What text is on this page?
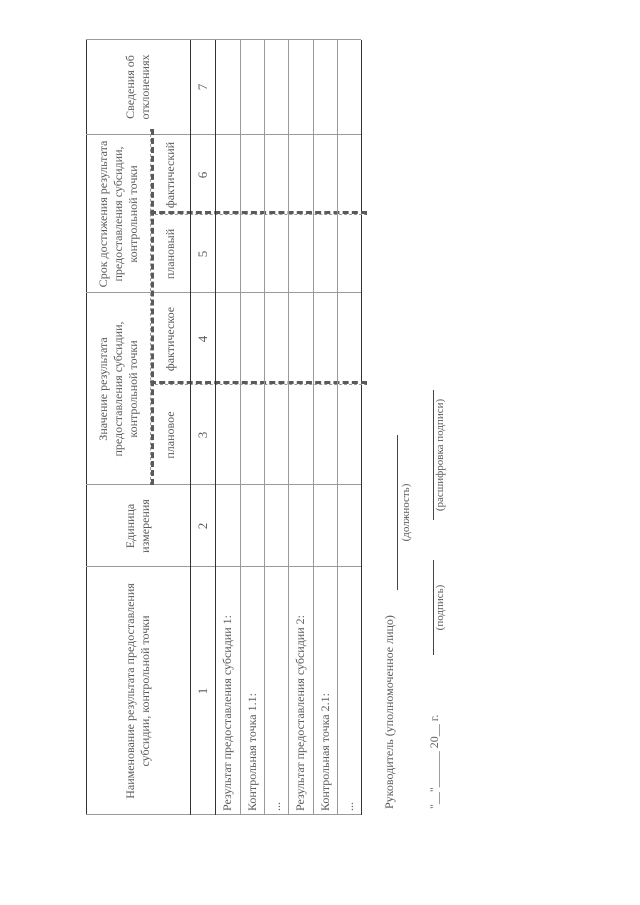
Наименование результата предоставления субсидии, контрольной точки
Единица измерения
Значение результата предоставления субсидии, контрольной точки	плановое
фактическое
Срок достижения результата предоставления субсидии, контрольной точки	плановый
фактический
Сведения об отклонениях
1
2
3
4
5
6
7
Результат предоставления субсидии 1: Контрольная точка 1.1: ... Результат предоставления субсидии 2: Контрольная точка 2.1: ... Руководитель (уполномоченное лицо)
(должность)
(подпись)
(расшифровка подписи)
"__"______ 20__ г.
